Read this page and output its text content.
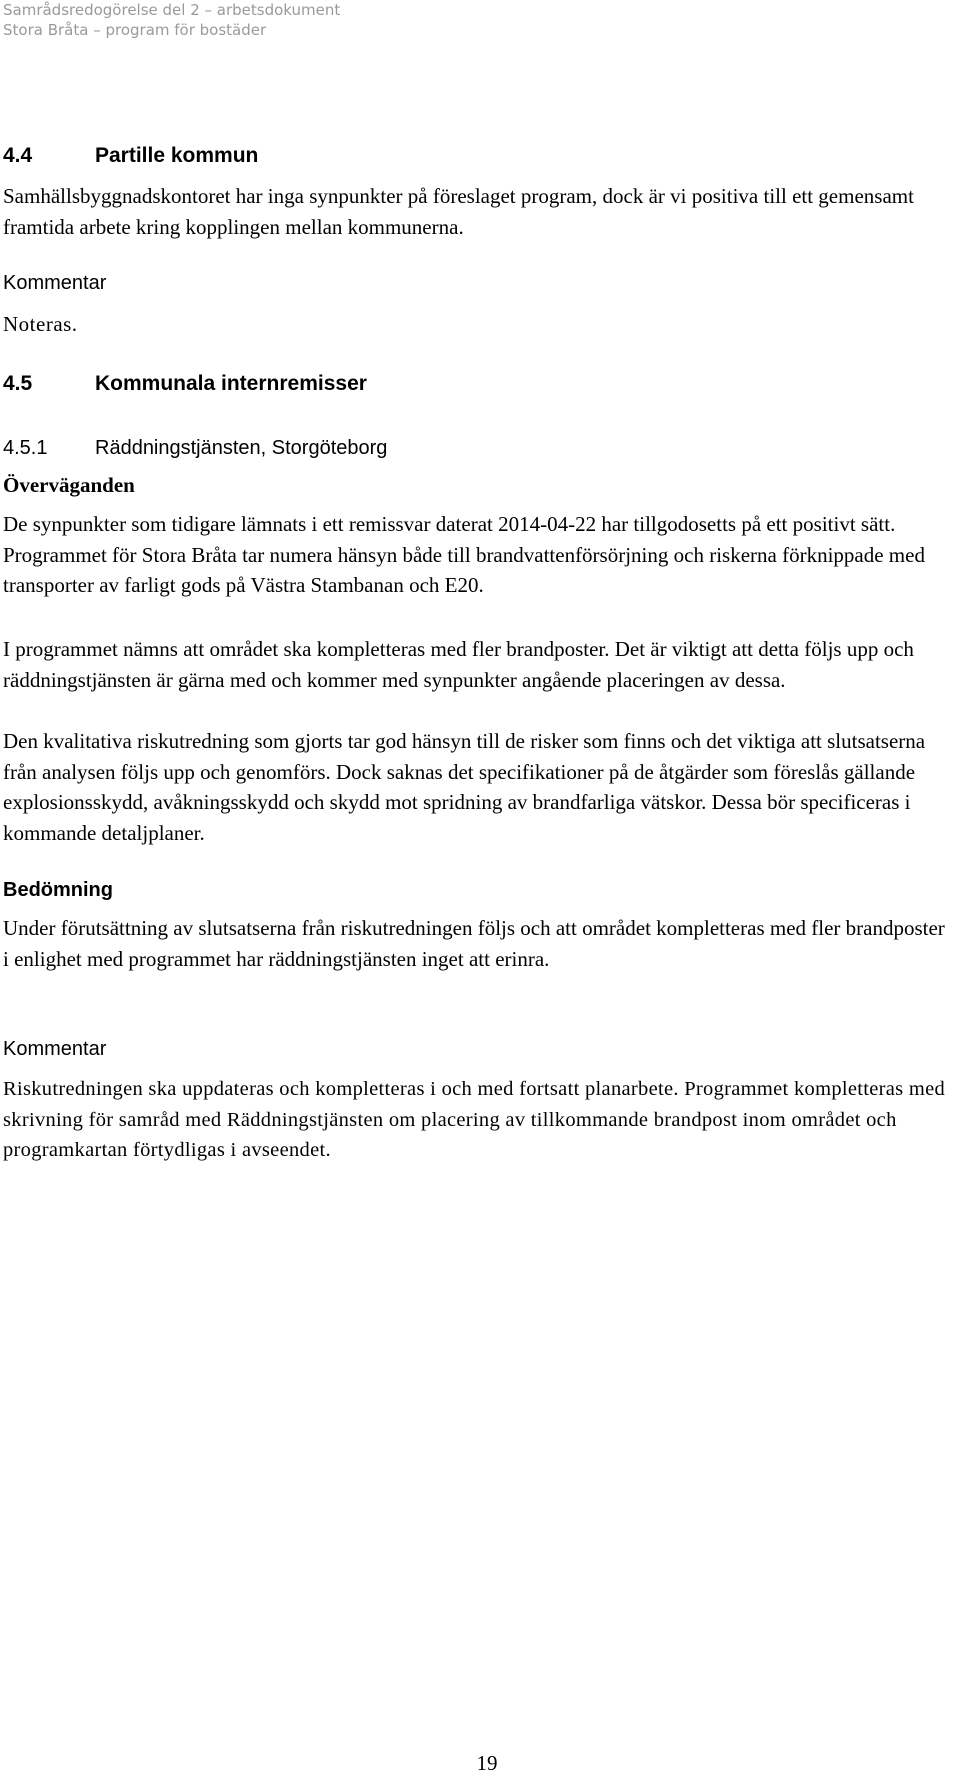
Samrådsredogörelse del 2 – arbetsdokument
Stora Bråta – program för bostäder
4.4	Partille kommun

Samhällsbyggnadskontoret har inga synpunkter på föreslaget program, dock är vi positiva till ett gemensamt framtida arbete kring kopplingen mellan kommunerna.

Kommentar
Noteras.
4.5	Kommunala internremisser
4.5.1 Räddningstjänsten, Storgöteborg
Överväganden

De synpunkter som tidigare lämnats i ett remissvar daterat 2014-04-22 har tillgodosetts på ett positivt sätt. Programmet för Stora Bråta tar numera hänsyn både till brandvattenförsörjning och riskerna förknippade med transporter av farligt gods på Västra Stambanan och E20.

I programmet nämns att området ska kompletteras med fler brandposter. Det är viktigt att detta följs upp och räddningstjänsten är gärna med och kommer med synpunkter angående placeringen av dessa.

Den kvalitativa riskutredning som gjorts tar god hänsyn till de risker som finns och det viktiga att slutsatserna från analysen följs upp och genomförs. Dock saknas det specifikationer på de åtgärder som föreslås gällande explosionsskydd, avåkningsskydd och skydd mot spridning av brandfarliga vätskor. Dessa bör specificeras i kommande detaljplaner.

Bedömning

Under förutsättning av slutsatserna från riskutredningen följs och att området kompletteras med fler brandposter i enlighet med programmet har räddningstjänsten inget att erinra.

Kommentar

Riskutredningen ska uppdateras och kompletteras i och med fortsatt planarbete. Programmet kompletteras med skrivning för samråd med Räddningstjänsten om placering av tillkommande brandpost inom området och programkartan förtydligas i avseendet.

19
